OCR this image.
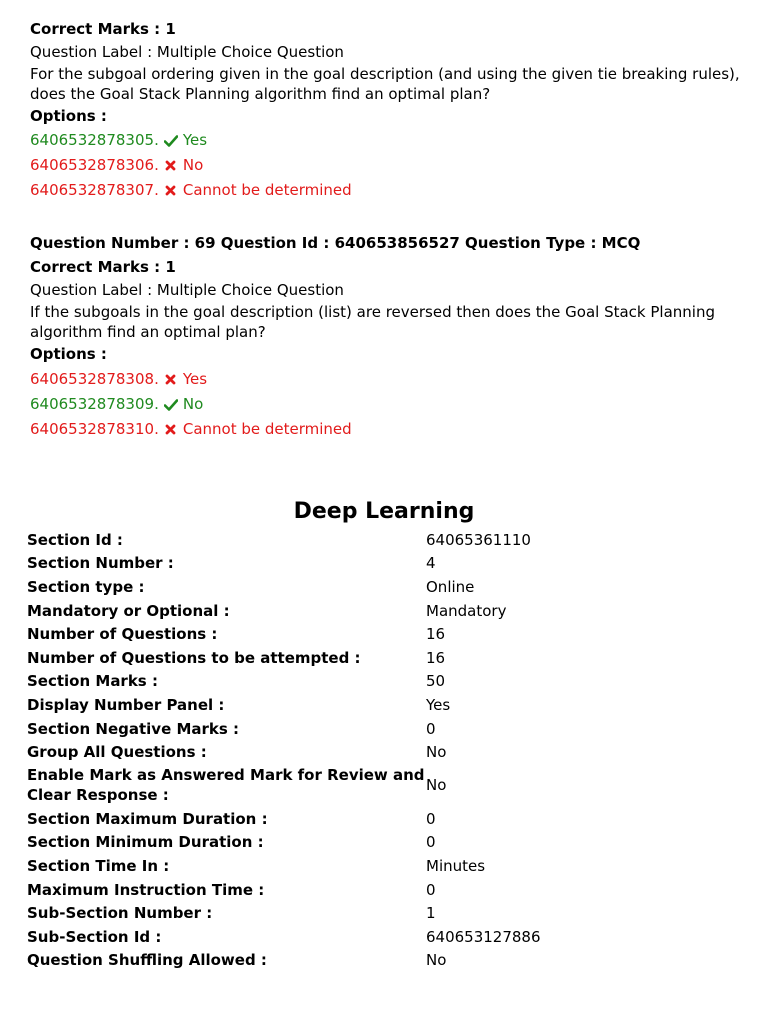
Correct Marks : 1

Question Label : Multiple Choice Question

For the subgoal ordering given in the goal description (and using the given tie breaking rules),

does the Goal Stack Planning algorithm find an optimal plan?

Options :

6406532878305. Yes

6406532878306. No

6406532878307. Cannot be determined

Question Number : 69 Question Id : 640653856527 Question Type : MCQ

Correct Marks : 1

Question Label : Multiple Choice Question

If the subgoals in the goal description (list) are reversed then does the Goal Stack Planning

algorithm find an optimal plan?

Options :

6406532878308. Yes

6406532878309. No

6406532878310. Cannot be determined

Deep Learning
Section Id :	64065361110
Section Number :	4
Section type :	Online
Mandatory or Optional :	Mandatory
Number of Questions :	16
Number of Questions to be attempted :	16
Section Marks :	50
Display Number Panel :	Yes
Section Negative Marks :	0
Group All Questions :	No
Enable Mark as Answered Mark for Review and Clear Response :	No
Section Maximum Duration :	0
Section Minimum Duration :	0
Section Time In :	Minutes
Maximum Instruction Time :	0
Sub-Section Number :	1
Sub-Section Id :	640653127886
Question Shuffling Allowed :	No
